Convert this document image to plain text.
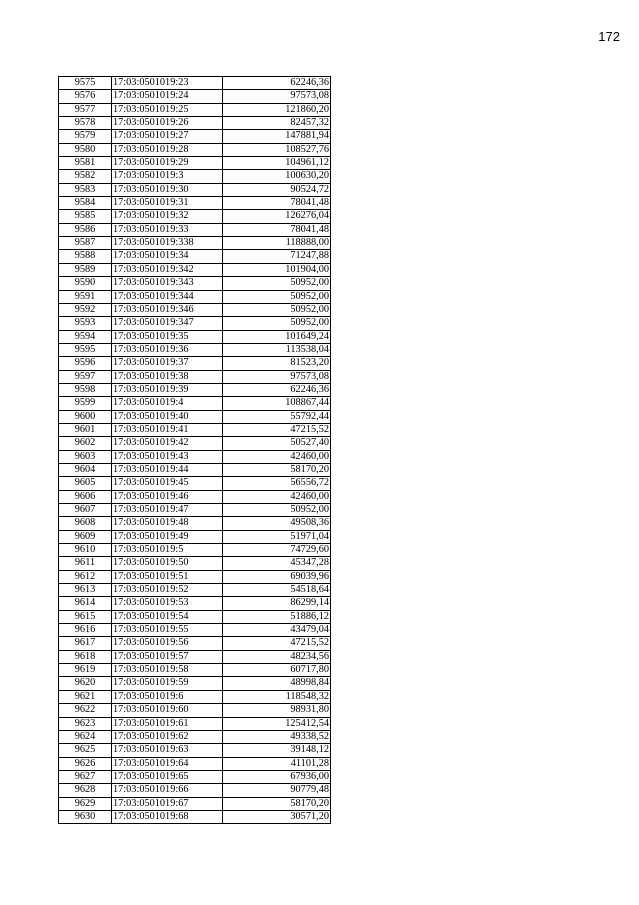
172
9575	17:03:0501019:23	62246,36
9576	17:03:0501019:24	97573,08
9577	17:03:0501019:25	121860,20
9578	17:03:0501019:26	82457,32
9579	17:03:0501019:27	147881,94
9580	17:03:0501019:28	108527,76
9581	17:03:0501019:29	104961,12
9582	17:03:0501019:3	100630,20
9583	17:03:0501019:30	90524,72
9584	17:03:0501019:31	78041,48
9585	17:03:0501019:32	126276,04
9586	17:03:0501019:33	78041,48
9587	17:03:0501019:338	118888,00
9588	17:03:0501019:34	71247,88
9589	17:03:0501019:342	101904,00
9590	17:03:0501019:343	50952,00
9591	17:03:0501019:344	50952,00
9592	17:03:0501019:346	50952,00
9593	17:03:0501019:347	50952,00
9594	17:03:0501019:35	101649,24
9595	17:03:0501019:36	113538,04
9596	17:03:0501019:37	81523,20
9597	17:03:0501019:38	97573,08
9598	17:03:0501019:39	62246,36
9599	17:03:0501019:4	108867,44
9600	17:03:0501019:40	55792,44
9601	17:03:0501019:41	47215,52
9602	17:03:0501019:42	50527,40
9603	17:03:0501019:43	42460,00
9604	17:03:0501019:44	58170,20
9605	17:03:0501019:45	56556,72
9606	17:03:0501019:46	42460,00
9607	17:03:0501019:47	50952,00
9608	17:03:0501019:48	49508,36
9609	17:03:0501019:49	51971,04
9610	17:03:0501019:5	74729,60
9611	17:03:0501019:50	45347,28
9612	17:03:0501019:51	69039,96
9613	17:03:0501019:52	54518,64
9614	17:03:0501019:53	86299,14
9615	17:03:0501019:54	51886,12
9616	17:03:0501019:55	43479,04
9617	17:03:0501019:56	47215,52
9618	17:03:0501019:57	48234,56
9619	17:03:0501019:58	60717,80
9620	17:03:0501019:59	48998,84
9621	17:03:0501019:6	118548,32
9622	17:03:0501019:60	98931,80
9623	17:03:0501019:61	125412,54
9624	17:03:0501019:62	49338,52
9625	17:03:0501019:63	39148,12
9626	17:03:0501019:64	41101,28
9627	17:03:0501019:65	67936,00
9628	17:03:0501019:66	90779,48
9629	17:03:0501019:67	58170,20
9630	17:03:0501019:68	30571,20
